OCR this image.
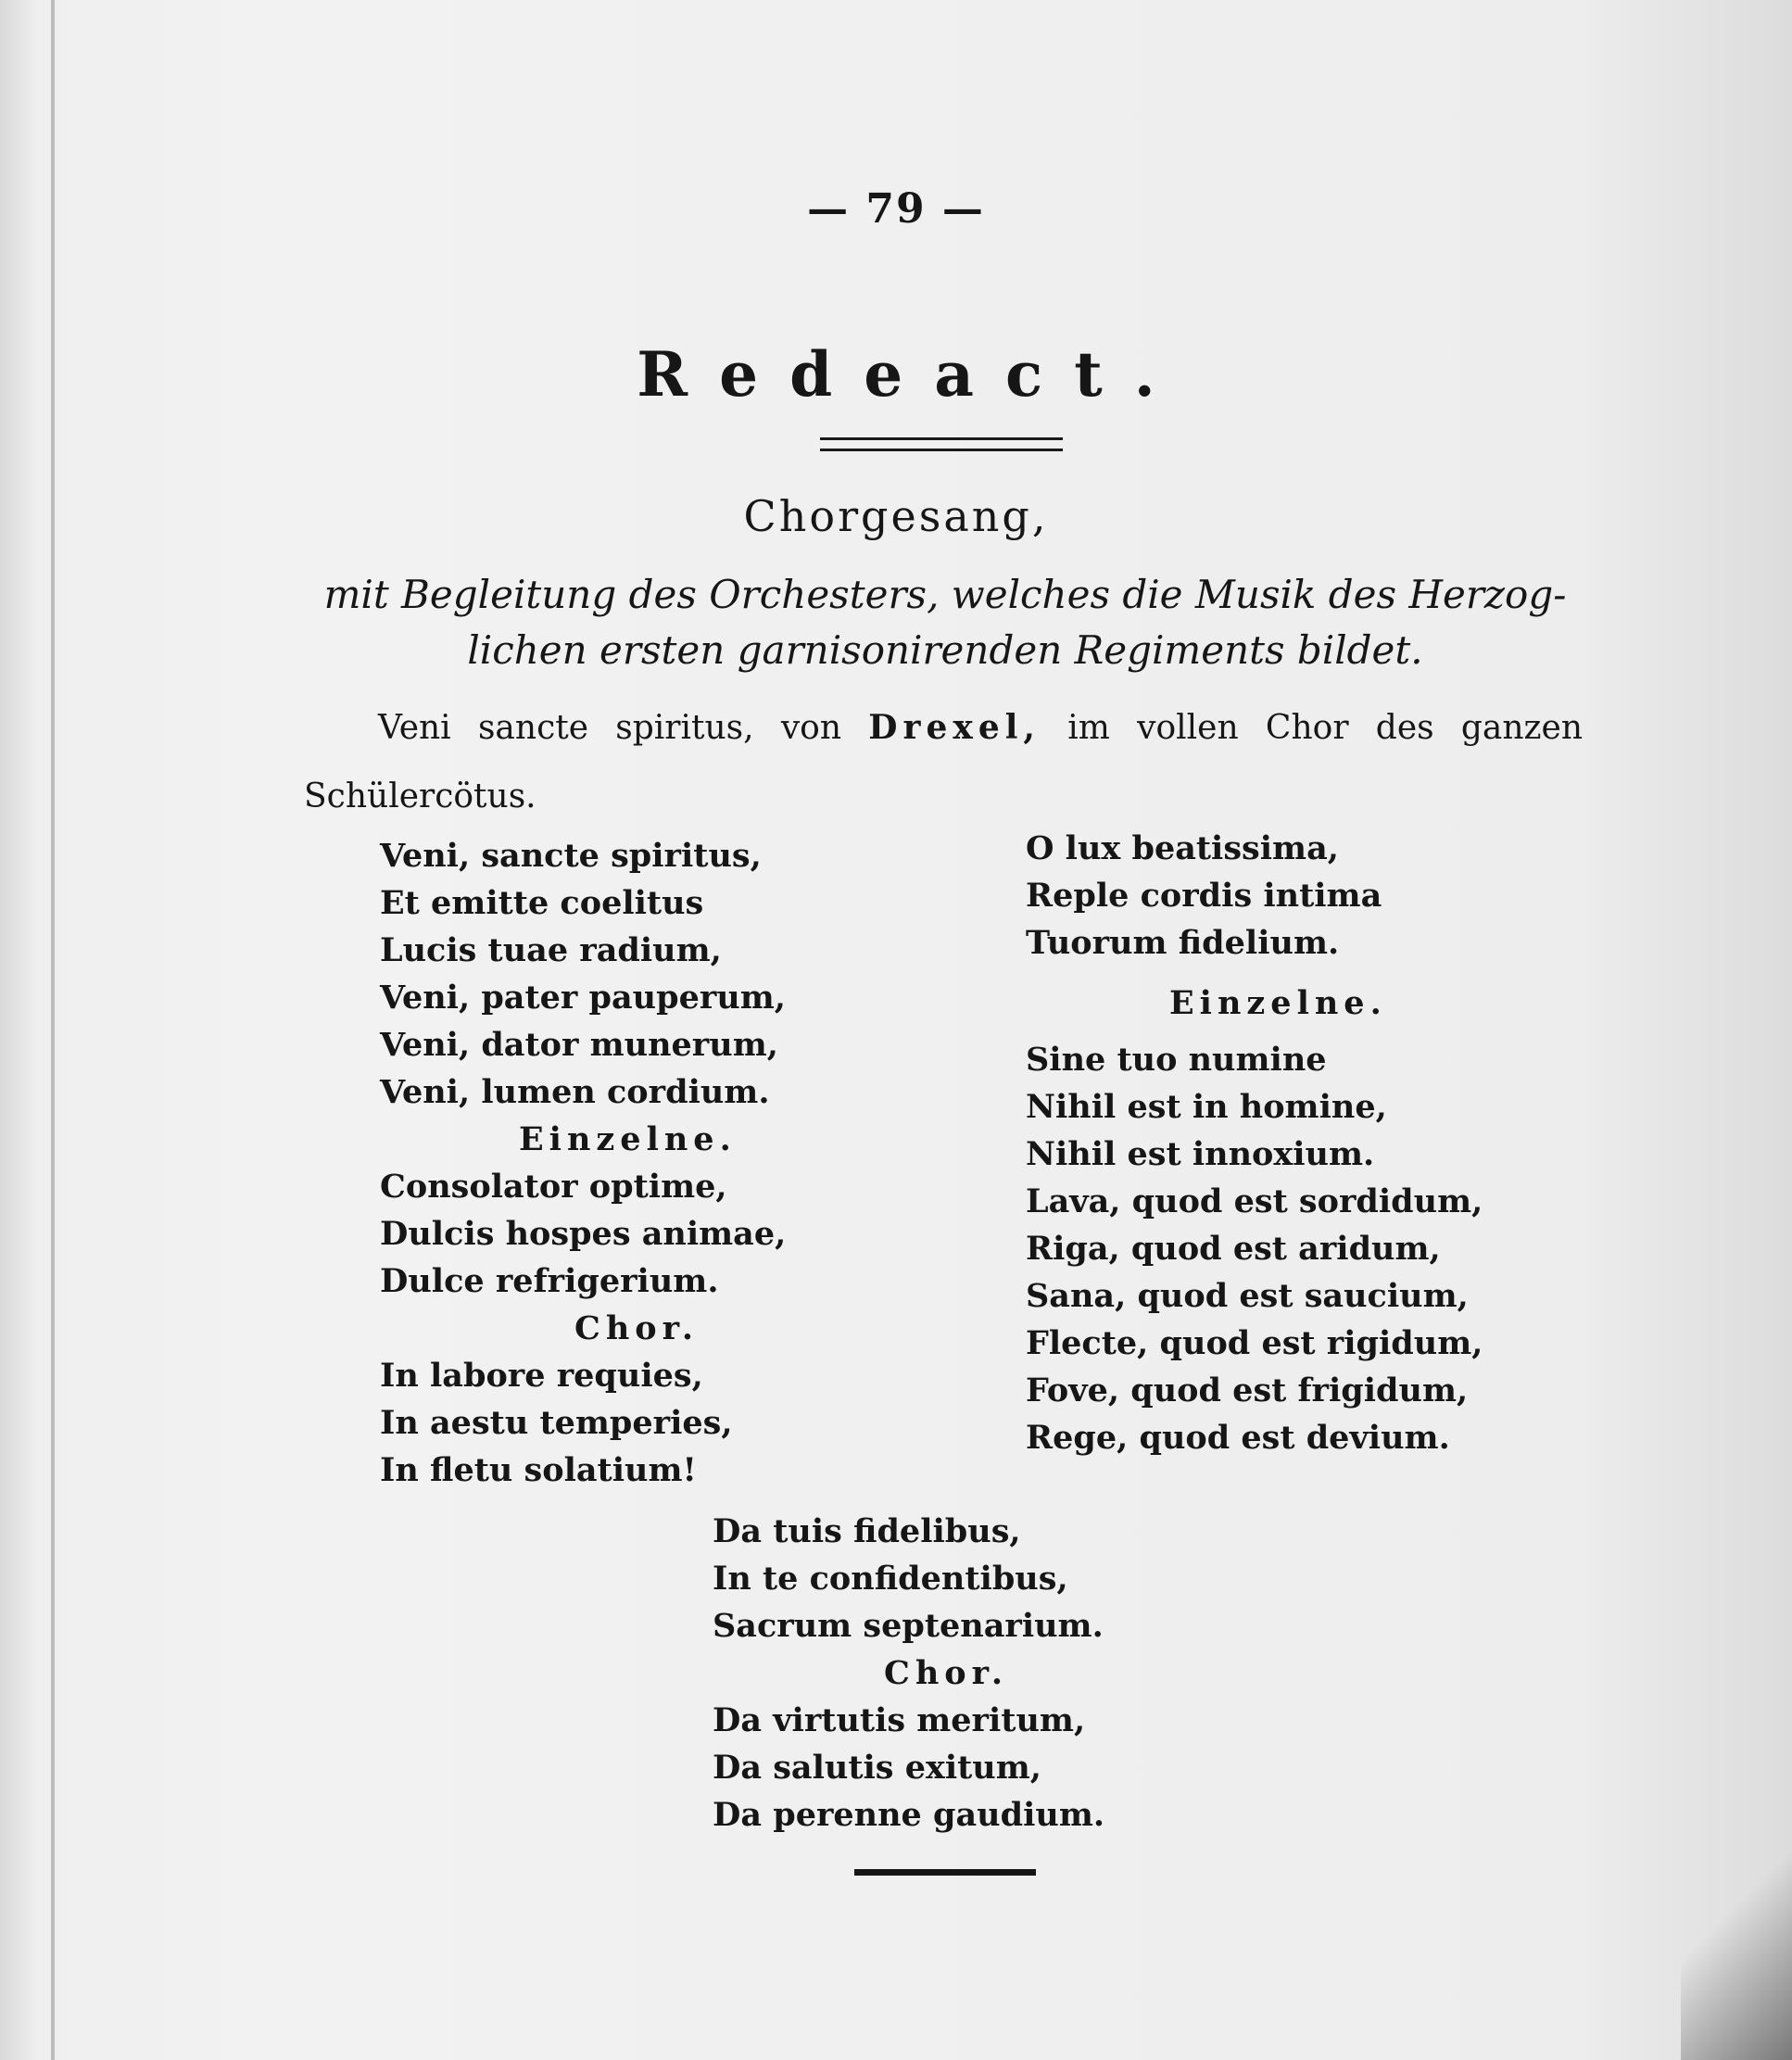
— 79 —
Redeact.
Chorgesang,
mit Begleitung des Orchesters, welches die Musik des Herzog-
lichen ersten garnisonirenden Regiments bildet.
Veni sancte spiritus, von Drexel, im vollen Chor des ganzen Schülercötus.
Veni, sancte spiritus,
Et emitte coelitus
Lucis tuae radium,
Veni, pater pauperum,
Veni, dator munerum,
Veni, lumen cordium.
Einzelne.
Consolator optime,
Dulcis hospes animae,
Dulce refrigerium.
Chor.
In labore requies,
In aestu temperies,
In fletu solatium!
O lux beatissima,
Reple cordis intima
Tuorum fidelium.
Einzelne.
Sine tuo numine
Nihil est in homine,
Nihil est innoxium.
Lava, quod est sordidum,
Riga, quod est aridum,
Sana, quod est saucium,
Flecte, quod est rigidum,
Fove, quod est frigidum,
Rege, quod est devium.
Da tuis fidelibus,
In te confidentibus,
Sacrum septenarium.
Chor.
Da virtutis meritum,
Da salutis exitum,
Da perenne gaudium.
